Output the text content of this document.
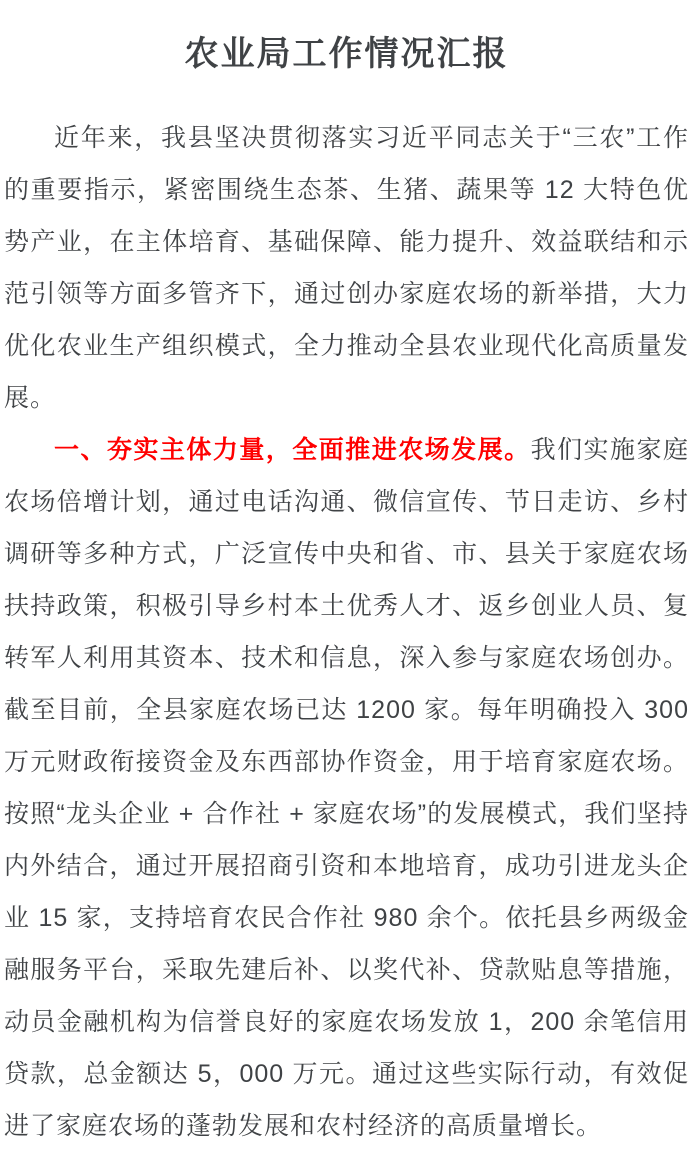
农业局工作情况汇报

近年来，我县坚决贯彻落实习近平同志关于“三农”工作的重要指示，紧密围绕生态茶、生猪、蔬果等 12 大特色优势产业，在主体培育、基础保障、能力提升、效益联结和示范引领等方面多管齐下，通过创办家庭农场的新举措，大力优化农业生产组织模式，全力推动全县农业现代化高质量发展。

一、夯实主体力量，全面推进农场发展。我们实施家庭农场倍增计划，通过电话沟通、微信宣传、节日走访、乡村调研等多种方式，广泛宣传中央和省、市、县关于家庭农场扶持政策，积极引导乡村本土优秀人才、返乡创业人员、复转军人利用其资本、技术和信息，深入参与家庭农场创办。截至目前，全县家庭农场已达 1200 家。每年明确投入 300 万元财政衔接资金及东西部协作资金，用于培育家庭农场。按照“龙头企业 + 合作社 + 家庭农场”的发展模式，我们坚持内外结合，通过开展招商引资和本地培育，成功引进龙头企业 15 家，支持培育农民合作社 980 余个。依托县乡两级金融服务平台，采取先建后补、以奖代补、贷款贴息等措施，动员金融机构为信誉良好的家庭农场发放 1，200 余笔信用贷款，总金额达 5，000 万元。通过这些实际行动，有效促进了家庭农场的蓬勃发展和农村经济的高质量增长。
